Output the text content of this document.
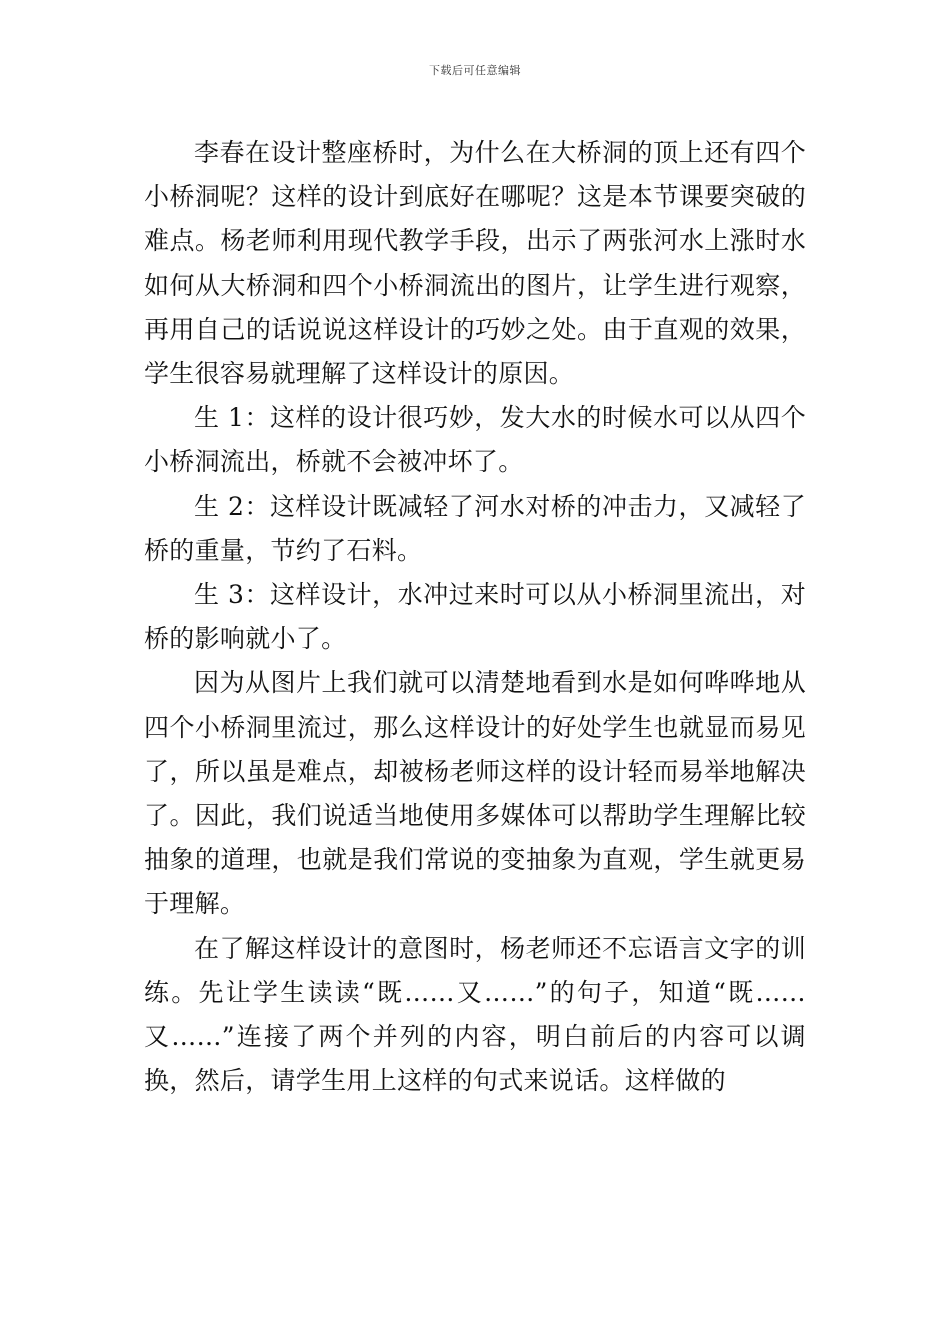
下载后可任意编辑

李春在设计整座桥时，为什么在大桥洞的顶上还有四个小桥洞呢？这样的设计到底好在哪呢？这是本节课要突破的难点。杨老师利用现代教学手段，出示了两张河水上涨时水如何从大桥洞和四个小桥洞流出的图片，让学生进行观察，再用自己的话说说这样设计的巧妙之处。由于直观的效果，学生很容易就理解了这样设计的原因。

生 1：这样的设计很巧妙，发大水的时候水可以从四个小桥洞流出，桥就不会被冲坏了。

生 2：这样设计既减轻了河水对桥的冲击力，又减轻了桥的重量，节约了石料。

生 3：这样设计，水冲过来时可以从小桥洞里流出，对桥的影响就小了。

因为从图片上我们就可以清楚地看到水是如何哗哗地从四个小桥洞里流过，那么这样设计的好处学生也就显而易见了，所以虽是难点，却被杨老师这样的设计轻而易举地解决了。因此，我们说适当地使用多媒体可以帮助学生理解比较抽象的道理，也就是我们常说的变抽象为直观，学生就更易于理解。

在了解这样设计的意图时，杨老师还不忘语言文字的训练。先让学生读读“既……又……”的句子，知道“既……又……”连接了两个并列的内容，明白前后的内容可以调换，然后，请学生用上这样的句式来说话。这样做的
